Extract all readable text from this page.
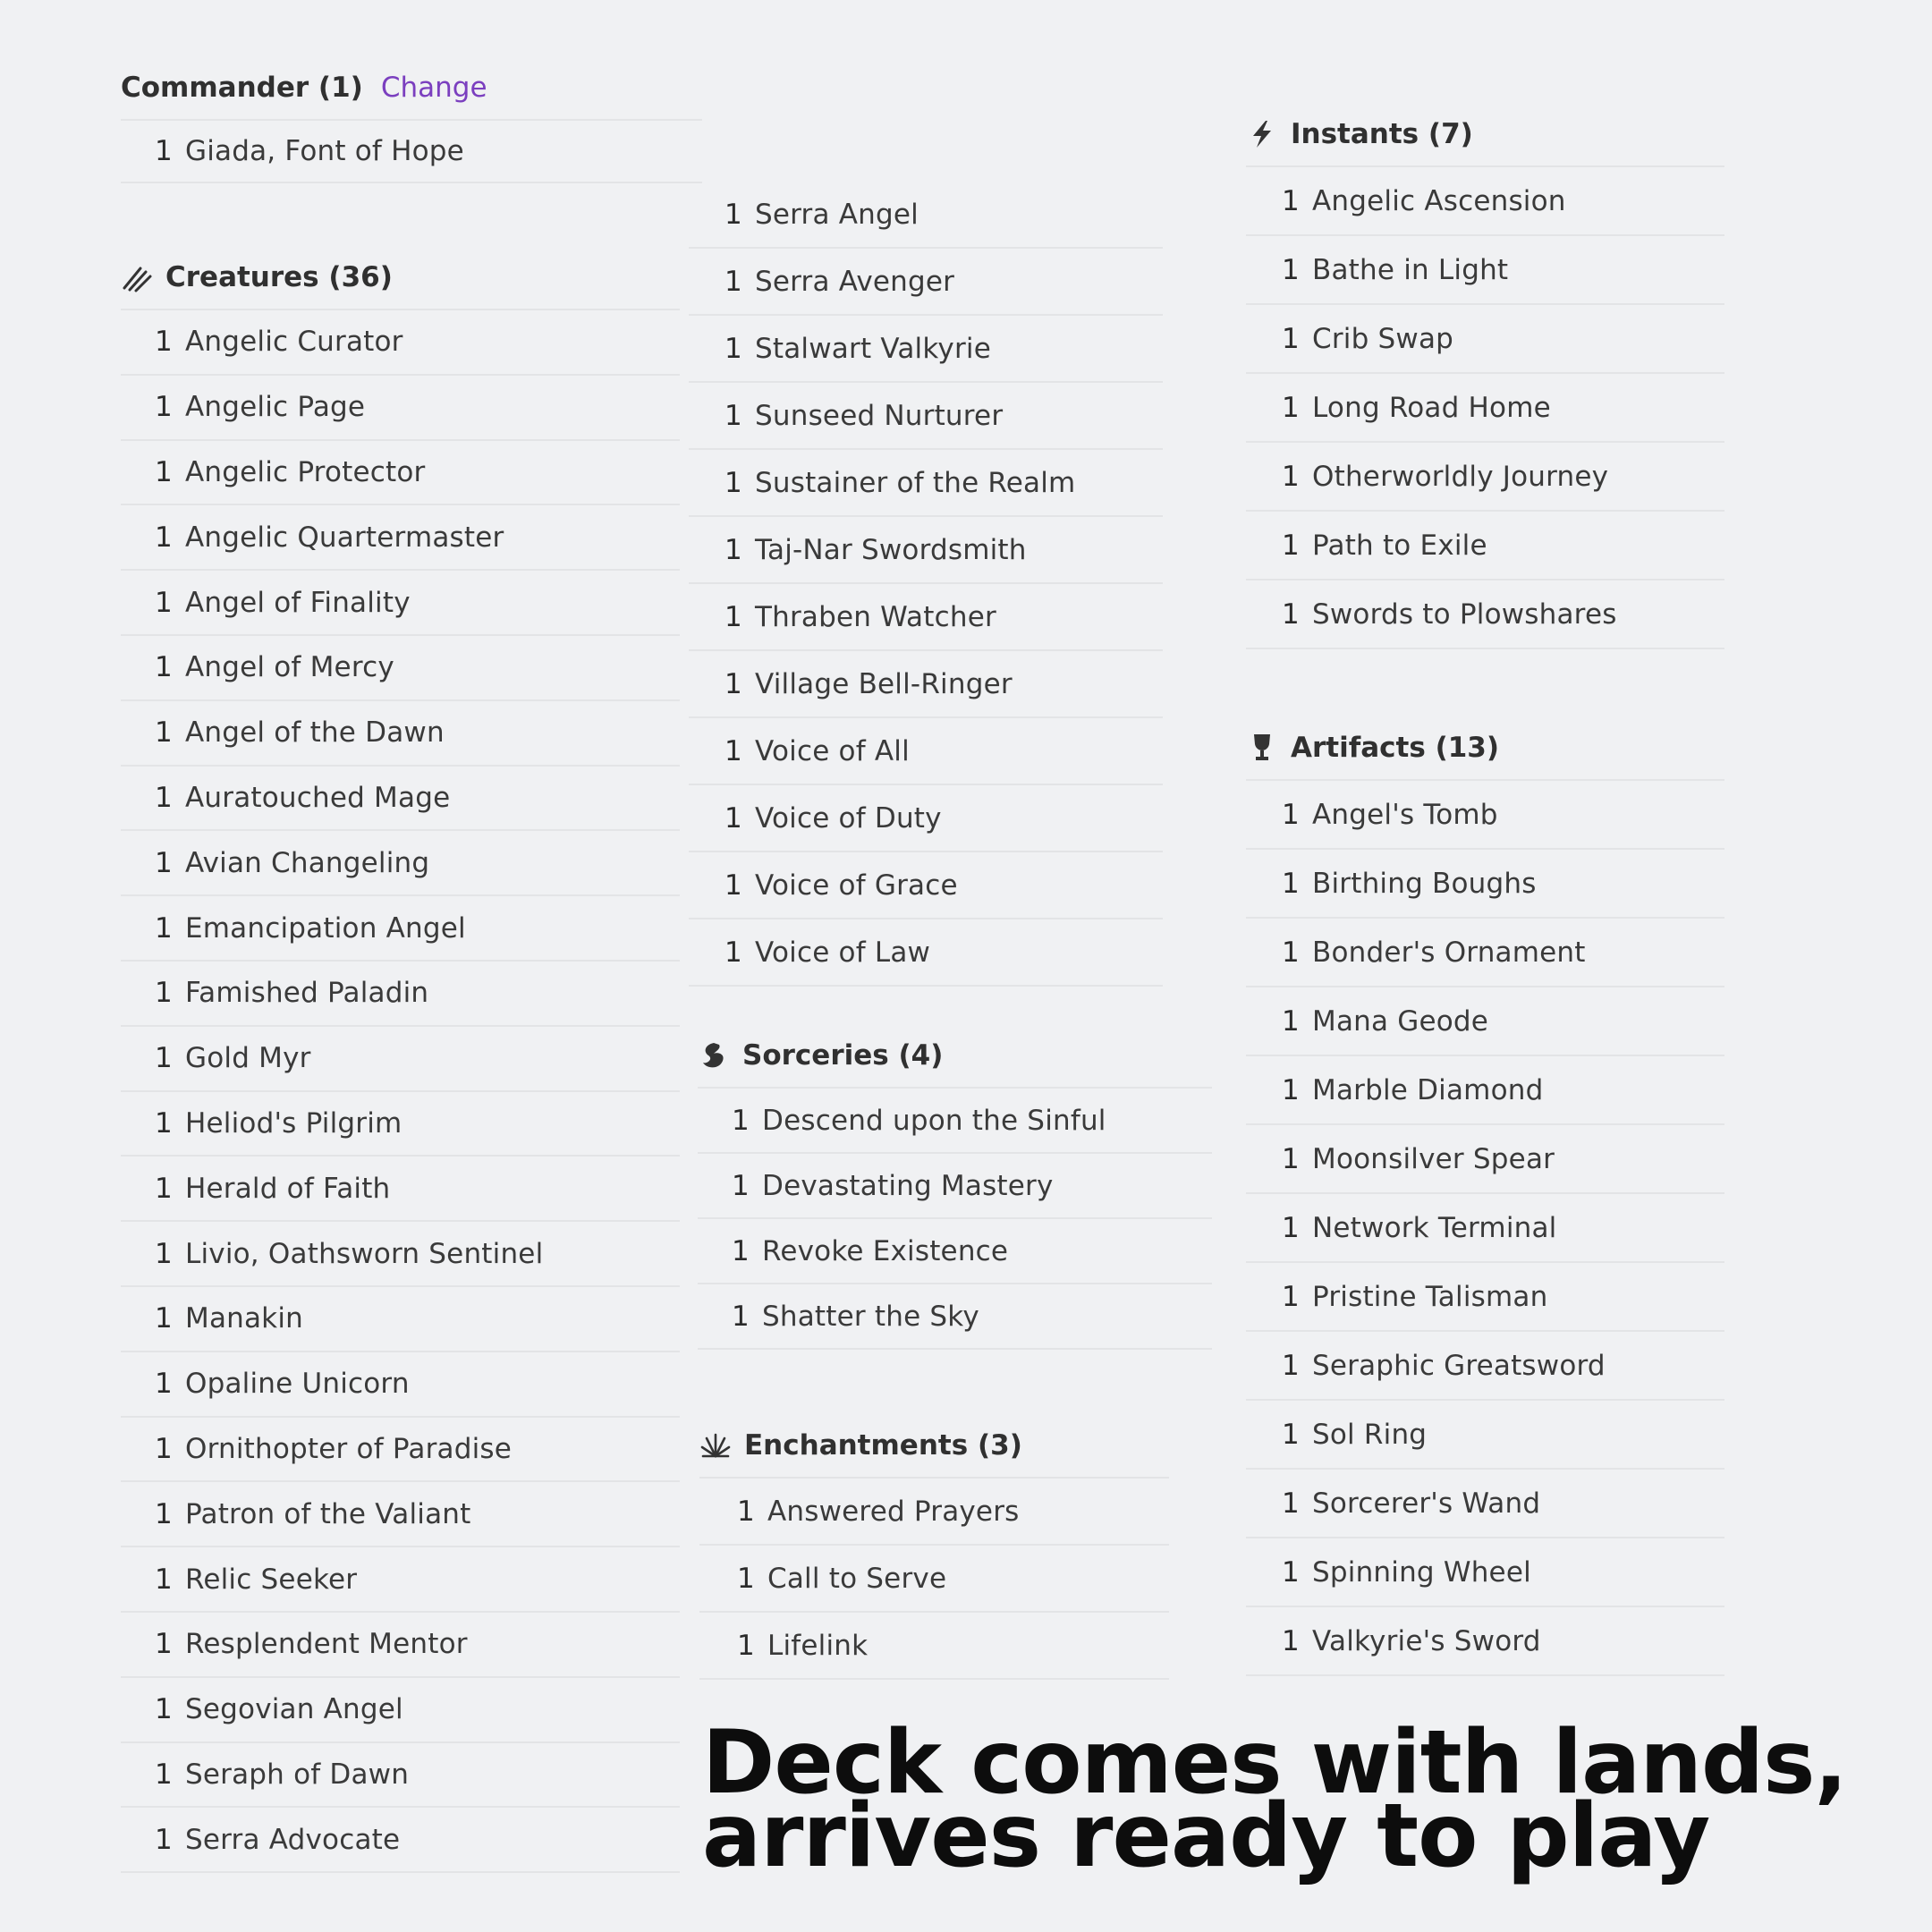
Commander (1) Change
1 Giada, Font of Hope
Creatures (36)
1 Angelic Curator
1 Angelic Page
1 Angelic Protector
1 Angelic Quartermaster
1 Angel of Finality
1 Angel of Mercy
1 Angel of the Dawn
1 Auratouched Mage
1 Avian Changeling
1 Emancipation Angel
1 Famished Paladin
1 Gold Myr
1 Heliod's Pilgrim
1 Herald of Faith
1 Livio, Oathsworn Sentinel
1 Manakin
1 Opaline Unicorn
1 Ornithopter of Paradise
1 Patron of the Valiant
1 Relic Seeker
1 Resplendent Mentor
1 Segovian Angel
1 Seraph of Dawn
1 Serra Advocate
1 Serra Angel
1 Serra Avenger
1 Stalwart Valkyrie
1 Sunseed Nurturer
1 Sustainer of the Realm
1 Taj-Nar Swordsmith
1 Thraben Watcher
1 Village Bell-Ringer
1 Voice of All
1 Voice of Duty
1 Voice of Grace
1 Voice of Law
Sorceries (4)
1 Descend upon the Sinful
1 Devastating Mastery
1 Revoke Existence
1 Shatter the Sky
Enchantments (3)
1 Answered Prayers
1 Call to Serve
1 Lifelink
Instants (7)
1 Angelic Ascension
1 Bathe in Light
1 Crib Swap
1 Long Road Home
1 Otherworldly Journey
1 Path to Exile
1 Swords to Plowshares
Artifacts (13)
1 Angel's Tomb
1 Birthing Boughs
1 Bonder's Ornament
1 Mana Geode
1 Marble Diamond
1 Moonsilver Spear
1 Network Terminal
1 Pristine Talisman
1 Seraphic Greatsword
1 Sol Ring
1 Sorcerer's Wand
1 Spinning Wheel
1 Valkyrie's Sword
Deck comes with lands,
arrives ready to play
